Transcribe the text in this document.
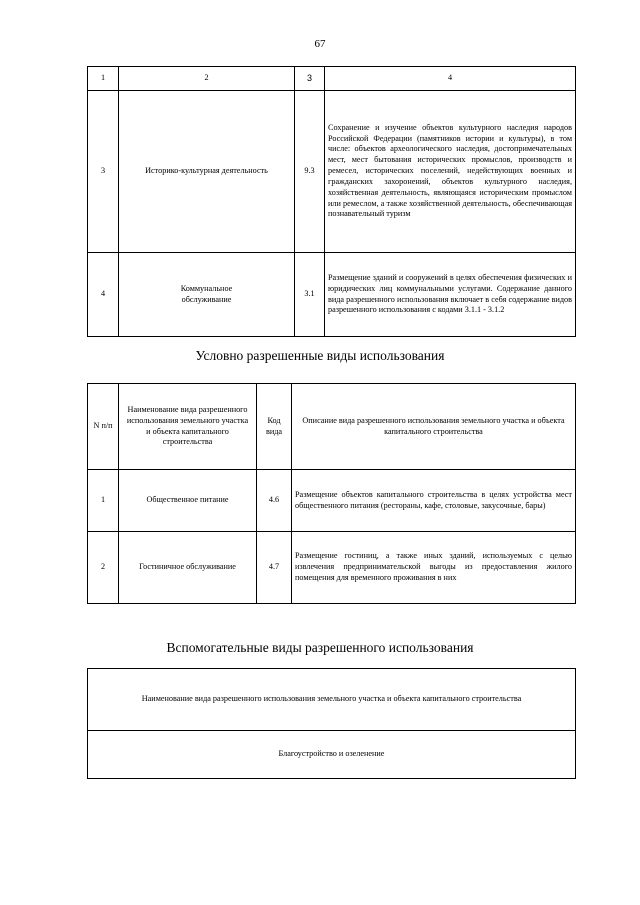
67
1	2	3	4
3	Историко-культурная деятельность	9.3	Сохранение и изучение объектов культурного наследия народов Российской Федерации (памятников истории и культуры), в том числе: объектов археологического наследия, достопримечательных мест, мест бытования исторических промыслов, производств и ремесел, исторических поселений, недействующих военных и гражданских захоронений, объектов культурного наследия, хозяйственная деятельность, являющаяся историческим промыслом или ремеслом, а также хозяйственной деятельность, обеспечивающая познавательный туризм
4	Коммунальное обслуживание	3.1	Размещение зданий и сооружений в целях обеспечения физических и юридических лиц коммунальными услугами. Содержание данного вида разрешенного использования включает в себя содержание видов разрешенного использования с кодами 3.1.1 - 3.1.2
Условно разрешенные виды использования
N п/п	Наименование вида разрешенного использования земельного участка и объекта капитального строительства	Код вида	Описание вида разрешенного использования земельного участка и объекта капитального строительства
1	Общественное питание	4.6	Размещение объектов капитального строительства в целях устройства мест общественного питания (рестораны, кафе, столовые, закусочные, бары)
2	Гостиничное обслуживание	4.7	Размещение гостиниц, а также иных зданий, используемых с целью извлечения предпринимательской выгоды из предоставления жилого помещения для временного проживания в них
Вспомогательные виды разрешенного использования
Наименование вида разрешенного использования земельного участка и объекта капитального строительства
Благоустройство и озеленение
